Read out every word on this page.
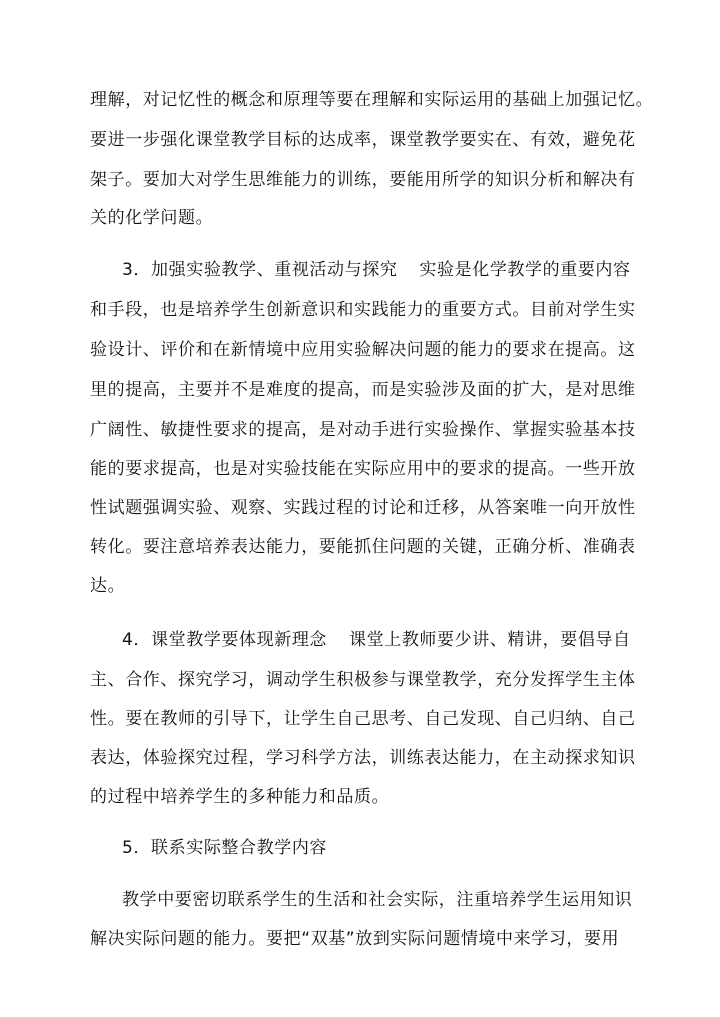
理解，对记忆性的概念和原理等要在理解和实际运用的基础上加强记忆。
要进一步强化课堂教学目标的达成率，课堂教学要实在、有效，避免花
架子。要加大对学生思维能力的训练，要能用所学的知识分析和解决有
关的化学问题。
3．加强实验教学、重视活动与探究 实验是化学教学的重要内容
和手段，也是培养学生创新意识和实践能力的重要方式。目前对学生实
验设计、评价和在新情境中应用实验解决问题的能力的要求在提高。这
里的提高，主要并不是难度的提高，而是实验涉及面的扩大，是对思维
广阔性、敏捷性要求的提高，是对动手进行实验操作、掌握实验基本技
能的要求提高，也是对实验技能在实际应用中的要求的提高。一些开放
性试题强调实验、观察、实践过程的讨论和迁移，从答案唯一向开放性
转化。要注意培养表达能力，要能抓住问题的关键，正确分析、准确表
达。
4．课堂教学要体现新理念 课堂上教师要少讲、精讲，要倡导自
主、合作、探究学习，调动学生积极参与课堂教学，充分发挥学生主体
性。要在教师的引导下，让学生自己思考、自己发现、自己归纳、自己
表达，体验探究过程，学习科学方法，训练表达能力，在主动探求知识
的过程中培养学生的多种能力和品质。
5．联系实际整合教学内容
教学中要密切联系学生的生活和社会实际，注重培养学生运用知识
解决实际问题的能力。要把“双基”放到实际问题情境中来学习，要用
